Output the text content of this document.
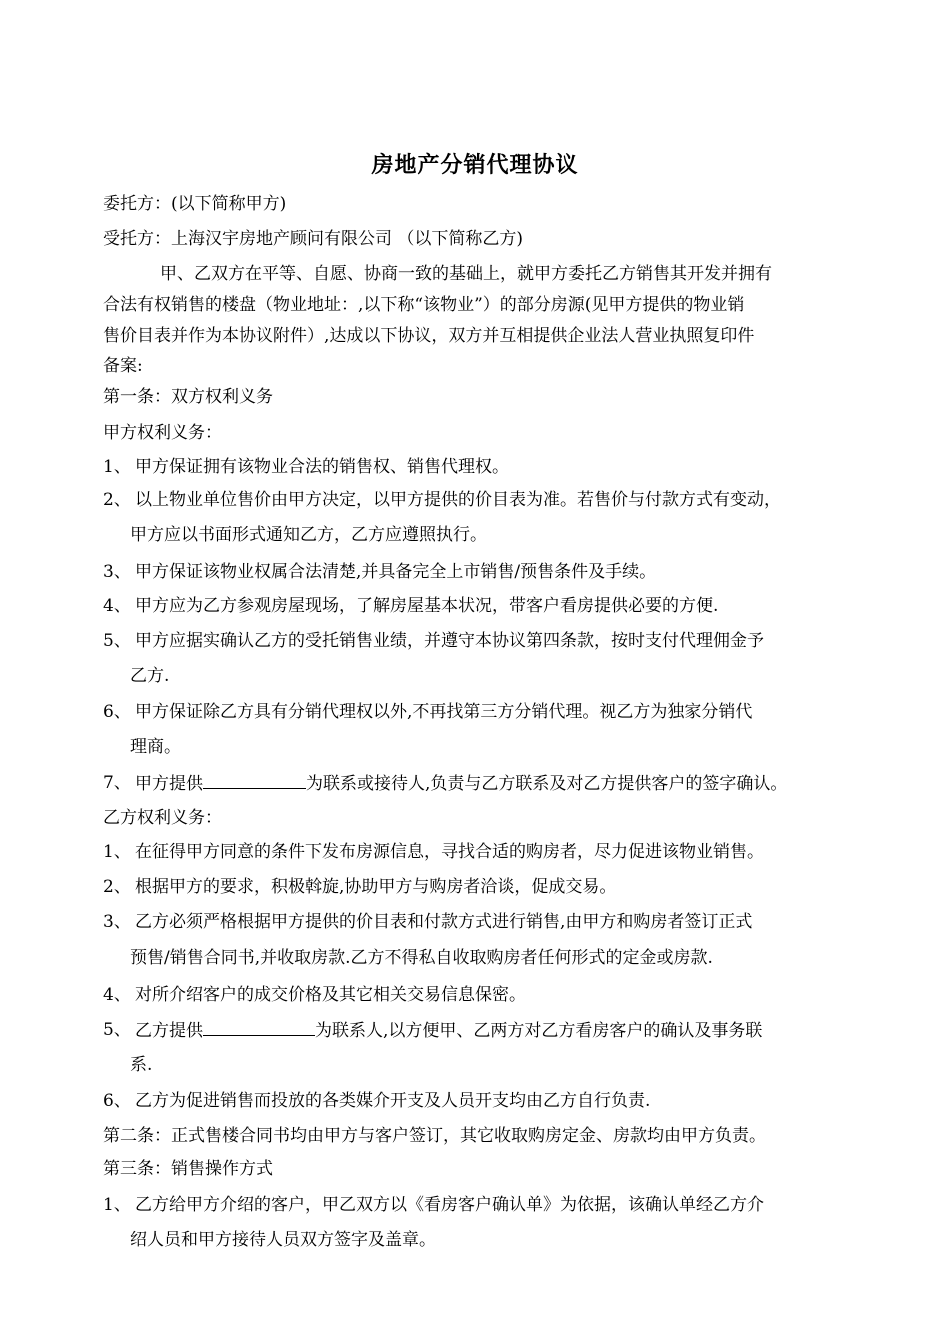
房地产分销代理协议
委托方：(以下简称甲方)
受托方：上海汉宇房地产顾问有限公司 （以下简称乙方)
甲、乙双方在平等、自愿、协商一致的基础上，就甲方委托乙方销售其开发并拥有
合法有权销售的楼盘（物业地址：,以下称“该物业”）的部分房源(见甲方提供的物业销
售价目表并作为本协议附件）,达成以下协议，双方并互相提供企业法人营业执照复印件
备案:
第一条：双方权利义务
甲方权利义务：
1、 甲方保证拥有该物业合法的销售权、销售代理权。
2、 以上物业单位售价由甲方决定，以甲方提供的价目表为准。若售价与付款方式有变动，
甲方应以书面形式通知乙方，乙方应遵照执行。
3、 甲方保证该物业权属合法清楚,并具备完全上市销售/预售条件及手续。
4、 甲方应为乙方参观房屋现场，了解房屋基本状况，带客户看房提供必要的方便.
5、 甲方应据实确认乙方的受托销售业绩，并遵守本协议第四条款，按时支付代理佣金予
乙方.
6、 甲方保证除乙方具有分销代理权以外,不再找第三方分销代理。视乙方为独家分销代
理商。
7、 甲方提供	为联系或接待人,负责与乙方联系及对乙方提供客户的签字确认。
乙方权利义务：
1、 在征得甲方同意的条件下发布房源信息，寻找合适的购房者，尽力促进该物业销售。
2、 根据甲方的要求，积极斡旋,协助甲方与购房者洽谈，促成交易。
3、 乙方必须严格根据甲方提供的价目表和付款方式进行销售,由甲方和购房者签订正式
预售/销售合同书,并收取房款.乙方不得私自收取购房者任何形式的定金或房款.
4、 对所介绍客户的成交价格及其它相关交易信息保密。
5、 乙方提供	为联系人,以方便甲、乙两方对乙方看房客户的确认及事务联
系.
6、 乙方为促进销售而投放的各类媒介开支及人员开支均由乙方自行负责.
第二条：正式售楼合同书均由甲方与客户签订，其它收取购房定金、房款均由甲方负责。
第三条：销售操作方式
1、 乙方给甲方介绍的客户，甲乙双方以《看房客户确认单》为依据，该确认单经乙方介
绍人员和甲方接待人员双方签字及盖章。
